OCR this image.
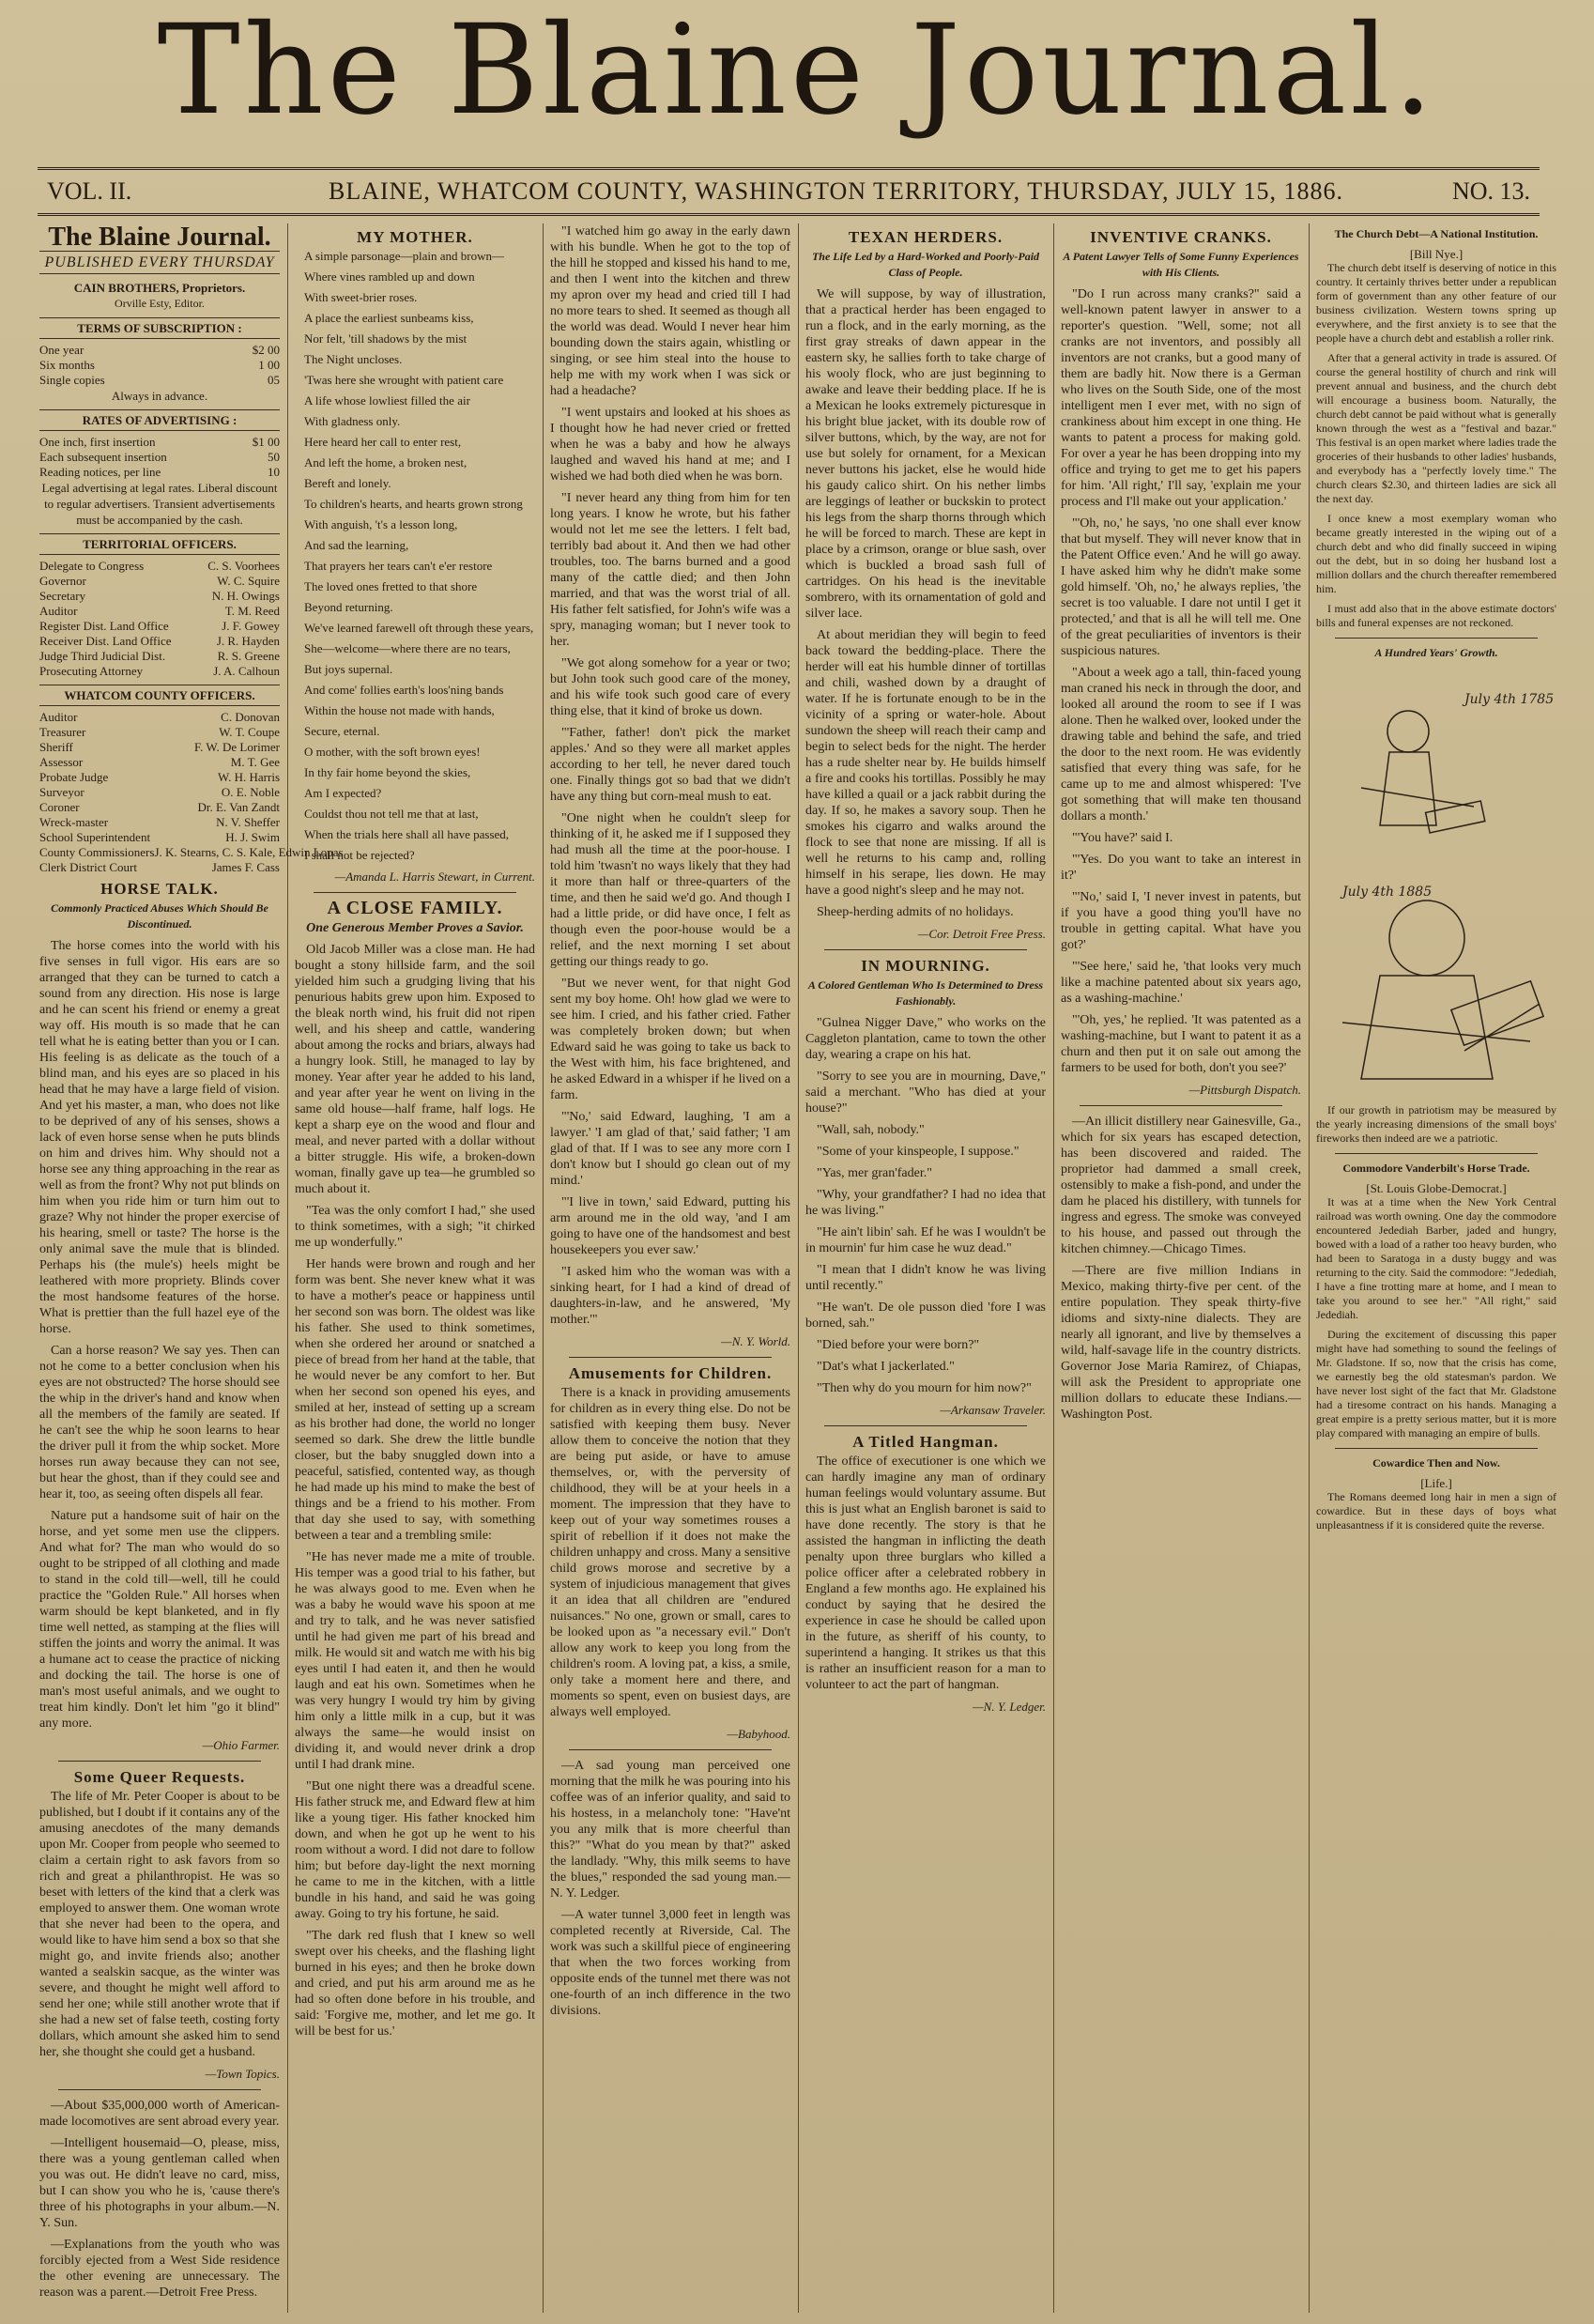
The Blaine Journal.
VOL. II.	BLAINE, WHATCOM COUNTY, WASHINGTON TERRITORY, THURSDAY, JULY 15, 1886.	NO. 13.
The Blaine Journal.
PUBLISHED EVERY THURSDAY
CAIN BROTHERS, Proprietors.
Orville Esty, Editor.
TERMS OF SUBSCRIPTION :
One year	$2 00
Six months	1 00
Single copies	05
Always in advance.
RATES OF ADVERTISING :
One inch, first insertion	$1 00
Each subsequent insertion	50
Reading notices, per line	10
Legal advertising at legal rates. Liberal discount to regular advertisers. Transient advertisements must be accompanied by the cash.
TERRITORIAL OFFICERS.
Delegate to Congress	C. S. Voorhees
Governor	W. C. Squire
Secretary	N. H. Owings
Auditor	T. M. Reed
Register Dist. Land Office	J. F. Gowey
Receiver Dist. Land Office	J. R. Hayden
Judge Third Judicial Dist.	R. S. Greene
Prosecuting Attorney	J. A. Calhoun
WHATCOM COUNTY OFFICERS.
Auditor	C. Donovan
Treasurer	W. T. Coupe
Sheriff	F. W. De Lorimer
Assessor	M. T. Gee
Probate Judge	W. H. Harris
Surveyor	O. E. Noble
Coroner	Dr. E. Van Zandt
Wreck-master	N. V. Sheffer
School Superintendent	H. J. Swim
County Commissioners J. K. Stearns, C. S. Kale, Edwin Lopas
Clerk District Court	James F. Cass
HORSE TALK.
Commonly Practiced Abuses Which Should Be Discontinued.

The horse comes into the world with his five senses in full vigor. His ears are so arranged that they can be turned to catch a sound from any direction. His nose is large and he can scent his friend or enemy a great way off. His mouth is so made that he can tell what he is eating better than you or I can. His feeling is as delicate as the touch of a blind man, and his eyes are so placed in his head that he may have a large field of vision. And yet his master, a man, who does not like to be deprived of any of his senses, shows a lack of even horse sense when he puts blinds on him and drives him. Why should not a horse see any thing approaching in the rear as well as from the front? Why not put blinds on him when you ride him or turn him out to graze? Why not hinder the proper exercise of his hearing, smell or taste? The horse is the only animal save the mule that is blinded. Perhaps his (the mule's) heels might be leathered with more propriety. Blinds cover the most handsome features of the horse. What is prettier than the full hazel eye of the horse.

Can a horse reason? We say yes. Then can not he come to a better conclusion when his eyes are not obstructed? The horse should see the whip in the driver's hand and know when all the members of the family are seated. If he can't see the whip he soon learns to hear the driver pull it from the whip socket. More horses run away because they can not see, but hear the ghost, than if they could see and hear it, too, as seeing often dispels all fear.

Nature put a handsome suit of hair on the horse, and yet some men use the clippers. And what for? The man who would do so ought to be stripped of all clothing and made to stand in the cold till—well, till he could practice the "Golden Rule." All horses when warm should be kept blanketed, and in fly time well netted, as stamping at the flies will stiffen the joints and worry the animal. It was a humane act to cease the practice of nicking and docking the tail. The horse is one of man's most useful animals, and we ought to treat him kindly. Don't let him "go it blind" any more.

—Ohio Farmer.
Some Queer Requests.

The life of Mr. Peter Cooper is about to be published, but I doubt if it contains any of the amusing anecdotes of the many demands upon Mr. Cooper from people who seemed to claim a certain right to ask favors from so rich and great a philanthropist. He was so beset with letters of the kind that a clerk was employed to answer them. One woman wrote that she never had been to the opera, and would like to have him send a box so that she might go, and invite friends also; another wanted a sealskin sacque, as the winter was severe, and thought he might well afford to send her one; while still another wrote that if she had a new set of false teeth, costing forty dollars, which amount she asked him to send her, she thought she could get a husband.

—Town Topics.

—About $35,000,000 worth of American-made locomotives are sent abroad every year.

—Intelligent housemaid—O, please, miss, there was a young gentleman called when you was out. He didn't leave no card, miss, but I can show you who he is, 'cause there's three of his photographs in your album.—N. Y. Sun.

—Explanations from the youth who was forcibly ejected from a West Side residence the other evening are unnecessary. The reason was a parent.—Detroit Free Press.

MY MOTHER.
A simple parsonage—plain and brown—
Where vines rambled up and down
With sweet-brier roses.
A place the earliest sunbeams kiss,
Nor felt, 'till shadows by the mist
The Night uncloses.
'Twas here she wrought with patient care
A life whose lowliest filled the air
With gladness only.
Here heard her call to enter rest,
And left the home, a broken nest,
Bereft and lonely.
To children's hearts, and hearts grown strong
With anguish, 't's a lesson long,
And sad the learning,
That prayers her tears can't e'er restore
The loved ones fretted to that shore
Beyond returning.
We've learned farewell oft through these years,
She—welcome—where there are no tears,
But joys supernal.
And come' follies earth's loos'ning bands
Within the house not made with hands,
Secure, eternal.
O mother, with the soft brown eyes!
In thy fair home beyond the skies,
Am I expected?
Couldst thou not tell me that at last,
When the trials here shall all have passed,
I shall not be rejected?
—Amanda L. Harris Stewart, in Current.
A CLOSE FAMILY.
One Generous Member Proves a Savior.

Old Jacob Miller was a close man. He had bought a stony hillside farm, and the soil yielded him such a grudging living that his penurious habits grew upon him. Exposed to the bleak north wind, his fruit did not ripen well, and his sheep and cattle, wandering about among the rocks and briars, always had a hungry look. Still, he managed to lay by money. Year after year he added to his land, and year after year he went on living in the same old house—half frame, half logs. He kept a sharp eye on the wood and flour and meal, and never parted with a dollar without a bitter struggle. His wife, a broken-down woman, finally gave up tea—he grumbled so much about it.

"Tea was the only comfort I had," she used to think sometimes, with a sigh; "it chirked me up wonderfully."

Her hands were brown and rough and her form was bent. She never knew what it was to have a mother's peace or happiness until her second son was born. The oldest was like his father. She used to think sometimes, when she ordered her around or snatched a piece of bread from her hand at the table, that he would never be any comfort to her. But when her second son opened his eyes, and smiled at her, instead of setting up a scream as his brother had done, the world no longer seemed so dark. She drew the little bundle closer, but the baby snuggled down into a peaceful, satisfied, contented way, as though he had made up his mind to make the best of things and be a friend to his mother. From that day she used to say, with something between a tear and a trembling smile:

"He has never made me a mite of trouble. His temper was a good trial to his father, but he was always good to me. Even when he was a baby he would wave his spoon at me and try to talk, and he was never satisfied until he had given me part of his bread and milk. He would sit and watch me with his big eyes until I had eaten it, and then he would laugh and eat his own. Sometimes when he was very hungry I would try him by giving him only a little milk in a cup, but it was always the same—he would insist on dividing it, and would never drink a drop until I had drank mine.

"But one night there was a dreadful scene. His father struck me, and Edward flew at him like a young tiger. His father knocked him down, and when he got up he went to his room without a word. I did not dare to follow him; but before day-light the next morning he came to me in the kitchen, with a little bundle in his hand, and said he was going away. Going to try his fortune, he said.

"The dark red flush that I knew so well swept over his cheeks, and the flashing light burned in his eyes; and then he broke down and cried, and put his arm around me as he had so often done before in his trouble, and said: 'Forgive me, mother, and let me go. It will be best for us.'

"I watched him go away in the early dawn with his bundle. When he got to the top of the hill he stopped and kissed his hand to me, and then I went into the kitchen and threw my apron over my head and cried till I had no more tears to shed. It seemed as though all the world was dead. Would I never hear him bounding down the stairs again, whistling or singing, or see him steal into the house to help me with my work when I was sick or had a headache?

"I went upstairs and looked at his shoes as I thought how he had never cried or fretted when he was a baby and how he always laughed and waved his hand at me; and I wished we had both died when he was born.

"I never heard any thing from him for ten long years. I know he wrote, but his father would not let me see the letters. I felt bad, terribly bad about it. And then we had other troubles, too. The barns burned and a good many of the cattle died; and then John married, and that was the worst trial of all. His father felt satisfied, for John's wife was a spry, managing woman; but I never took to her.

"We got along somehow for a year or two; but John took such good care of the money, and his wife took such good care of every thing else, that it kind of broke us down.

"'Father, father! don't pick the market apples.' And so they were all market apples according to her tell, he never dared touch one. Finally things got so bad that we didn't have any thing but corn-meal mush to eat.

"One night when he couldn't sleep for thinking of it, he asked me if I supposed they had mush all the time at the poor-house. I told him 'twasn't no ways likely that they had it more than half or three-quarters of the time, and then he said we'd go. And though I had a little pride, or did have once, I felt as though even the poor-house would be a relief, and the next morning I set about getting our things ready to go.

"But we never went, for that night God sent my boy home. Oh! how glad we were to see him. I cried, and his father cried. Father was completely broken down; but when Edward said he was going to take us back to the West with him, his face brightened, and he asked Edward in a whisper if he lived on a farm.

"'No,' said Edward, laughing, 'I am a lawyer.' 'I am glad of that,' said father; 'I am glad of that. If I was to see any more corn I don't know but I should go clean out of my mind.'

"'I live in town,' said Edward, putting his arm around me in the old way, 'and I am going to have one of the handsomest and best housekeepers you ever saw.'

"I asked him who the woman was with a sinking heart, for I had a kind of dread of daughters-in-law, and he answered, 'My mother.'"

—N. Y. World.
Amusements for Children.

There is a knack in providing amusements for children as in every thing else. Do not be satisfied with keeping them busy. Never allow them to conceive the notion that they are being put aside, or have to amuse themselves, or, with the perversity of childhood, they will be at your heels in a moment. The impression that they have to keep out of your way sometimes rouses a spirit of rebellion if it does not make the children unhappy and cross. Many a sensitive child grows morose and secretive by a system of injudicious management that gives it an idea that all children are "endured nuisances." No one, grown or small, cares to be looked upon as "a necessary evil." Don't allow any work to keep you long from the children's room. A loving pat, a kiss, a smile, only take a moment here and there, and moments so spent, even on busiest days, are always well employed.

—Babyhood.

—A sad young man perceived one morning that the milk he was pouring into his coffee was of an inferior quality, and said to his hostess, in a melancholy tone: "Have'nt you any milk that is more cheerful than this?" "What do you mean by that?" asked the landlady. "Why, this milk seems to have the blues," responded the sad young man.—N. Y. Ledger.

—A water tunnel 3,000 feet in length was completed recently at Riverside, Cal. The work was such a skillful piece of engineering that when the two forces working from opposite ends of the tunnel met there was not one-fourth of an inch difference in the two divisions.

TEXAN HERDERS.
The Life Led by a Hard-Worked and Poorly-Paid Class of People.

We will suppose, by way of illustration, that a practical herder has been engaged to run a flock, and in the early morning, as the first gray streaks of dawn appear in the eastern sky, he sallies forth to take charge of his wooly flock, who are just beginning to awake and leave their bedding place. If he is a Mexican he looks extremely picturesque in his bright blue jacket, with its double row of silver buttons, which, by the way, are not for use but solely for ornament, for a Mexican never buttons his jacket, else he would hide his gaudy calico shirt. On his nether limbs are leggings of leather or buckskin to protect his legs from the sharp thorns through which he will be forced to march. These are kept in place by a crimson, orange or blue sash, over which is buckled a broad sash full of cartridges. On his head is the inevitable sombrero, with its ornamentation of gold and silver lace.

At about meridian they will begin to feed back toward the bedding-place. There the herder will eat his humble dinner of tortillas and chili, washed down by a draught of water. If he is fortunate enough to be in the vicinity of a spring or water-hole. About sundown the sheep will reach their camp and begin to select beds for the night. The herder has a rude shelter near by. He builds himself a fire and cooks his tortillas. Possibly he may have killed a quail or a jack rabbit during the day. If so, he makes a savory soup. Then he smokes his cigarro and walks around the flock to see that none are missing. If all is well he returns to his camp and, rolling himself in his serape, lies down. He may have a good night's sleep and he may not.

Sheep-herding admits of no holidays.

—Cor. Detroit Free Press.
IN MOURNING.
A Colored Gentleman Who Is Determined to Dress Fashionably.

"Gulnea Nigger Dave," who works on the Caggleton plantation, came to town the other day, wearing a crape on his hat.

"Sorry to see you are in mourning, Dave," said a merchant. "Who has died at your house?"

"Wall, sah, nobody."

"Some of your kinspeople, I suppose."

"Yas, mer gran'fader."

"Why, your grandfather? I had no idea that he was living."

"He ain't libin' sah. Ef he was I wouldn't be in mournin' fur him case he wuz dead."

"I mean that I didn't know he was living until recently."

"He wan't. De ole pusson died 'fore I was borned, sah."

"Died before your were born?"

"Dat's what I jackerlated."

"Then why do you mourn for him now?"

—Arkansaw Traveler.
A Titled Hangman.

The office of executioner is one which we can hardly imagine any man of ordinary human feelings would voluntary assume. But this is just what an English baronet is said to have done recently. The story is that he assisted the hangman in inflicting the death penalty upon three burglars who killed a police officer after a celebrated robbery in England a few months ago. He explained his conduct by saying that he desired the experience in case he should be called upon in the future, as sheriff of his county, to superintend a hanging. It strikes us that this is rather an insufficient reason for a man to volunteer to act the part of hangman.

—N. Y. Ledger.
INVENTIVE CRANKS.
A Patent Lawyer Tells of Some Funny Experiences with His Clients.

"Do I run across many cranks?" said a well-known patent lawyer in answer to a reporter's question. "Well, some; not all cranks are not inventors, and possibly all inventors are not cranks, but a good many of them are badly hit. Now there is a German who lives on the South Side, one of the most intelligent men I ever met, with no sign of crankiness about him except in one thing. He wants to patent a process for making gold. For over a year he has been dropping into my office and trying to get me to get his papers for him. 'All right,' I'll say, 'explain me your process and I'll make out your application.'

"'Oh, no,' he says, 'no one shall ever know that but myself. They will never know that in the Patent Office even.' And he will go away. I have asked him why he didn't make some gold himself. 'Oh, no,' he always replies, 'the secret is too valuable. I dare not until I get it protected,' and that is all he will tell me. One of the great peculiarities of inventors is their suspicious natures.

"About a week ago a tall, thin-faced young man craned his neck in through the door, and looked all around the room to see if I was alone. Then he walked over, looked under the drawing table and behind the safe, and tried the door to the next room. He was evidently satisfied that every thing was safe, for he came up to me and almost whispered: 'I've got something that will make ten thousand dollars a month.'

"'You have?' said I.

"'Yes. Do you want to take an interest in it?'

"'No,' said I, 'I never invest in patents, but if you have a good thing you'll have no trouble in getting capital. What have you got?'

"'See here,' said he, 'that looks very much like a machine patented about six years ago, as a washing-machine.'

"'Oh, yes,' he replied. 'It was patented as a washing-machine, but I want to patent it as a churn and then put it on sale out among the farmers to be used for both, don't you see?'

—Pittsburgh Dispatch.

—An illicit distillery near Gainesville, Ga., which for six years has escaped detection, has been discovered and raided. The proprietor had dammed a small creek, ostensibly to make a fish-pond, and under the dam he placed his distillery, with tunnels for ingress and egress. The smoke was conveyed to his house, and passed out through the kitchen chimney.—Chicago Times.

—There are five million Indians in Mexico, making thirty-five per cent. of the entire population. They speak thirty-five idioms and sixty-nine dialects. They are nearly all ignorant, and live by themselves a wild, half-savage life in the country districts. Governor Jose Maria Ramirez, of Chiapas, will ask the President to appropriate one million dollars to educate these Indians.—Washington Post.

The Church Debt—A National Institution.
[Bill Nye.]

The church debt itself is deserving of notice in this country. It certainly thrives better under a republican form of government than any other feature of our business civilization. Western towns spring up everywhere, and the first anxiety is to see that the people have a church debt and establish a roller rink.

After that a general activity in trade is assured. Of course the general hostility of church and rink will prevent annual and business, and the church debt will encourage a business boom. Naturally, the church debt cannot be paid without what is generally known through the west as a "festival and bazar." This festival is an open market where ladies trade the groceries of their husbands to other ladies' husbands, and everybody has a "perfectly lovely time." The church clears $2.30, and thirteen ladies are sick all the next day.

I once knew a most exemplary woman who became greatly interested in the wiping out of a church debt and who did finally succeed in wiping out the debt, but in so doing her husband lost a million dollars and the church thereafter remembered him.

I must add also that in the above estimate doctors' bills and funeral expenses are not reckoned.

A Hundred Years' Growth.
July 4th 1785
July 4th 1885

If our growth in patriotism may be measured by the yearly increasing dimensions of the small boys' fireworks then indeed are we a patriotic.

Commodore Vanderbilt's Horse Trade.
[St. Louis Globe-Democrat.]

It was at a time when the New York Central railroad was worth owning. One day the commodore encountered Jedediah Barber, jaded and hungry, bowed with a load of a rather too heavy burden, who had been to Saratoga in a dusty buggy and was returning to the city. Said the commodore: "Jedediah, I have a fine trotting mare at home, and I mean to take you around to see her." "All right," said Jedediah.

During the excitement of discussing this paper might have had something to sound the feelings of Mr. Gladstone. If so, now that the crisis has come, we earnestly beg the old statesman's pardon. We have never lost sight of the fact that Mr. Gladstone had a tiresome contract on his hands. Managing a great empire is a pretty serious matter, but it is more play compared with managing an empire of bulls.

Cowardice Then and Now.
[Life.]

The Romans deemed long hair in men a sign of cowardice. But in these days of boys what unpleasantness if it is considered quite the reverse.
